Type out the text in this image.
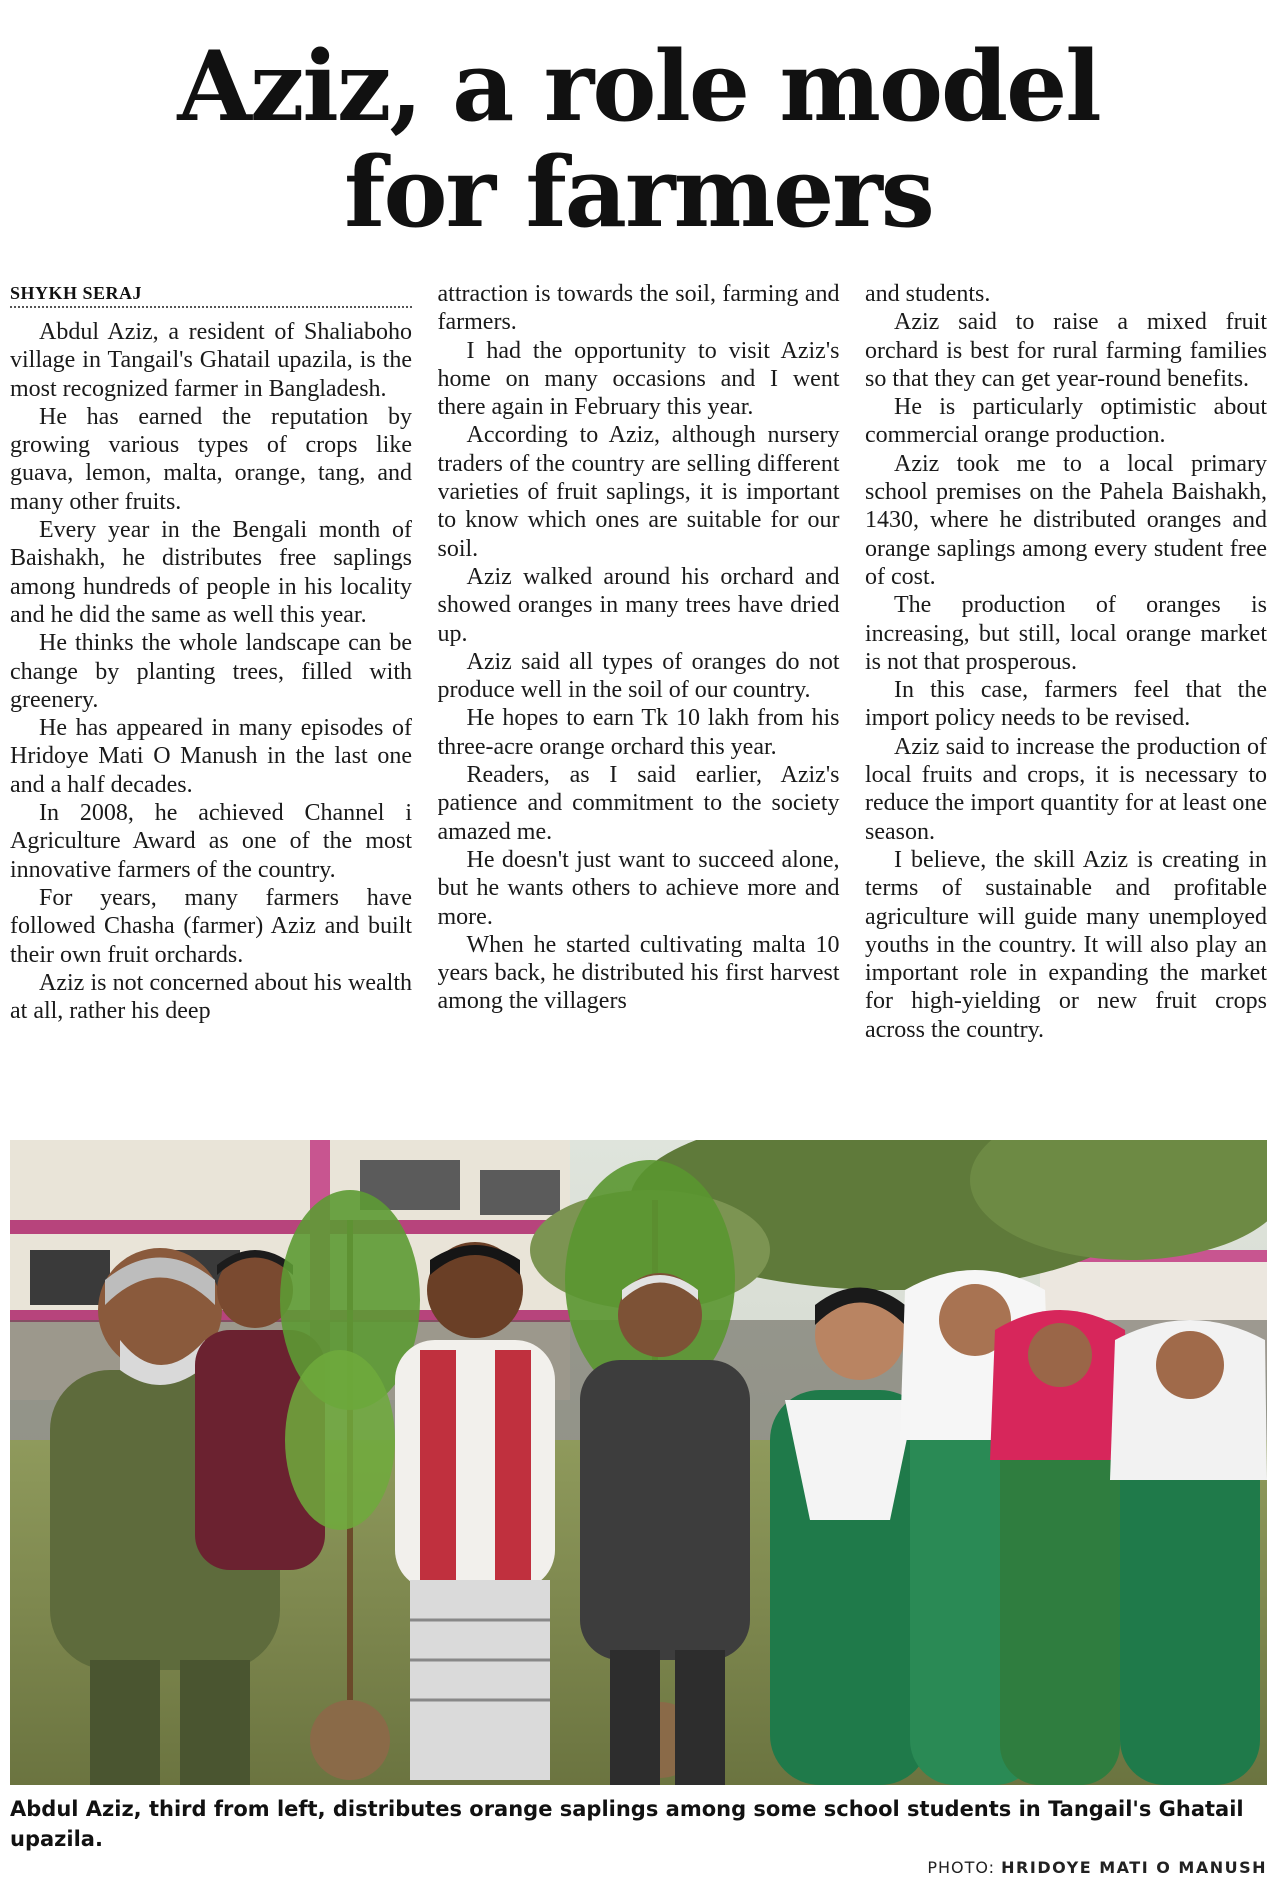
Aziz, a role model
for farmers
SHYKH SERAJ

Abdul Aziz, a resident of Shaliaboho village in Tangail's Ghatail upazila, is the most recognized farmer in Bangladesh.

He has earned the reputation by growing various types of crops like guava, lemon, malta, orange, tang, and many other fruits.

Every year in the Bengali month of Baishakh, he distributes free saplings among hundreds of people in his locality and he did the same as well this year.

He thinks the whole landscape can be change by planting trees, filled with greenery.

He has appeared in many episodes of Hridoye Mati O Manush in the last one and a half decades.

In 2008, he achieved Channel i Agriculture Award as one of the most innovative farmers of the country.

For years, many farmers have followed Chasha (farmer) Aziz and built their own fruit orchards.

Aziz is not concerned about his wealth at all, rather his deep

attraction is towards the soil, farming and farmers.

I had the opportunity to visit Aziz's home on many occasions and I went there again in February this year.

According to Aziz, although nursery traders of the country are selling different varieties of fruit saplings, it is important to know which ones are suitable for our soil.

Aziz walked around his orchard and showed oranges in many trees have dried up.

Aziz said all types of oranges do not produce well in the soil of our country.

He hopes to earn Tk 10 lakh from his three-acre orange orchard this year.

Readers, as I said earlier, Aziz's patience and commitment to the society amazed me.

He doesn't just want to succeed alone, but he wants others to achieve more and more.

When he started cultivating malta 10 years back, he distributed his first harvest among the villagers

and students.

Aziz said to raise a mixed fruit orchard is best for rural farming families so that they can get year-round benefits.

He is particularly optimistic about commercial orange production.

Aziz took me to a local primary school premises on the Pahela Baishakh, 1430, where he distributed oranges and orange saplings among every student free of cost.

The production of oranges is increasing, but still, local orange market is not that prosperous.

In this case, farmers feel that the import policy needs to be revised.

Aziz said to increase the production of local fruits and crops, it is necessary to reduce the import quantity for at least one season.

I believe, the skill Aziz is creating in terms of sustainable and profitable agriculture will guide many unemployed youths in the country. It will also play an important role in expanding the market for high-yielding or new fruit crops across the country.

Abdul Aziz, third from left, distributes orange saplings among some school students in Tangail's Ghatail upazila.
PHOTO: HRIDOYE MATI O MANUSH
